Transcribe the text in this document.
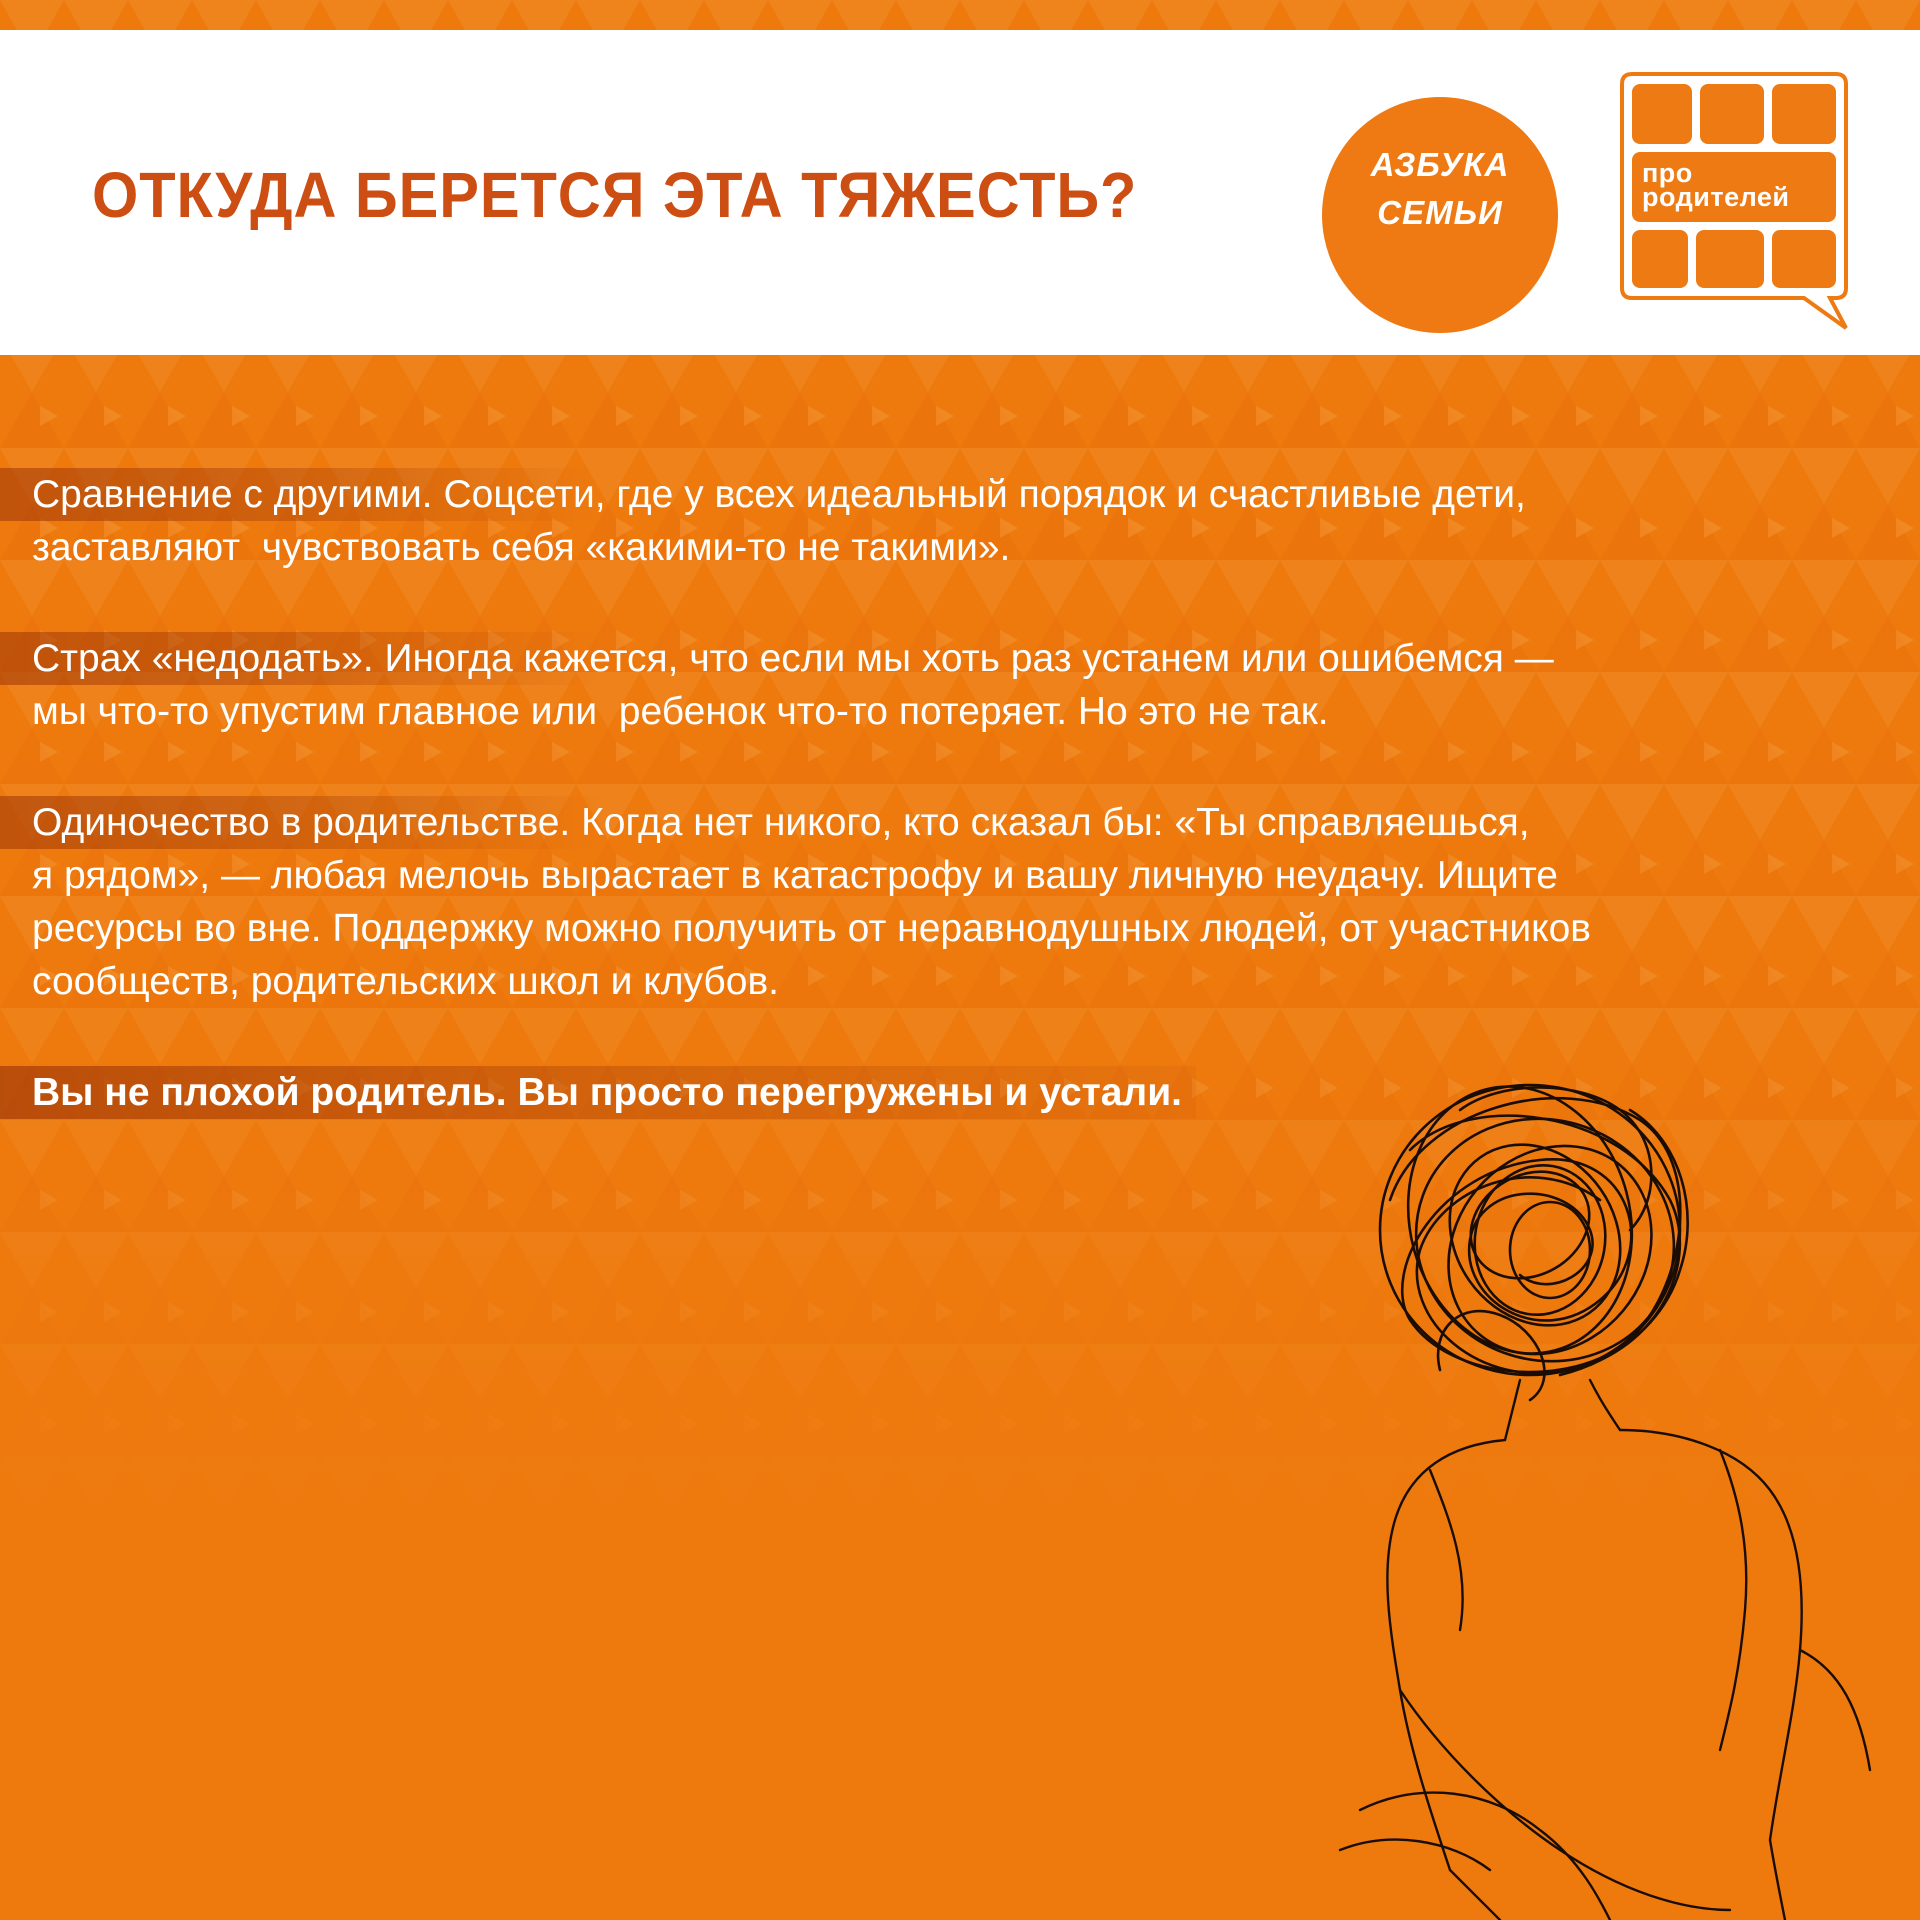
ОТКУДА БЕРЕТСЯ ЭТА ТЯЖЕСТЬ?	АЗБУКА
СЕМЬИ
про
родителей
Сравнение с другими. Соцсети, где у всех идеальный порядок и счастливые дети,
заставляют  чувствовать себя «какими-то не такими».
Страх «недодать». Иногда кажется, что если мы хоть раз устанем или ошибемся —
мы что-то упустим главное или  ребенок что-то потеряет. Но это не так.
Одиночество в родительстве. Когда нет никого, кто сказал бы: «Ты справляешься,
я рядом», — любая мелочь вырастает в катастрофу и вашу личную неудачу. Ищите
ресурсы во вне. Поддержку можно получить от неравнодушных людей, от участников
сообществ, родительских школ и клубов.
Вы не плохой родитель. Вы просто перегружены и устали.
